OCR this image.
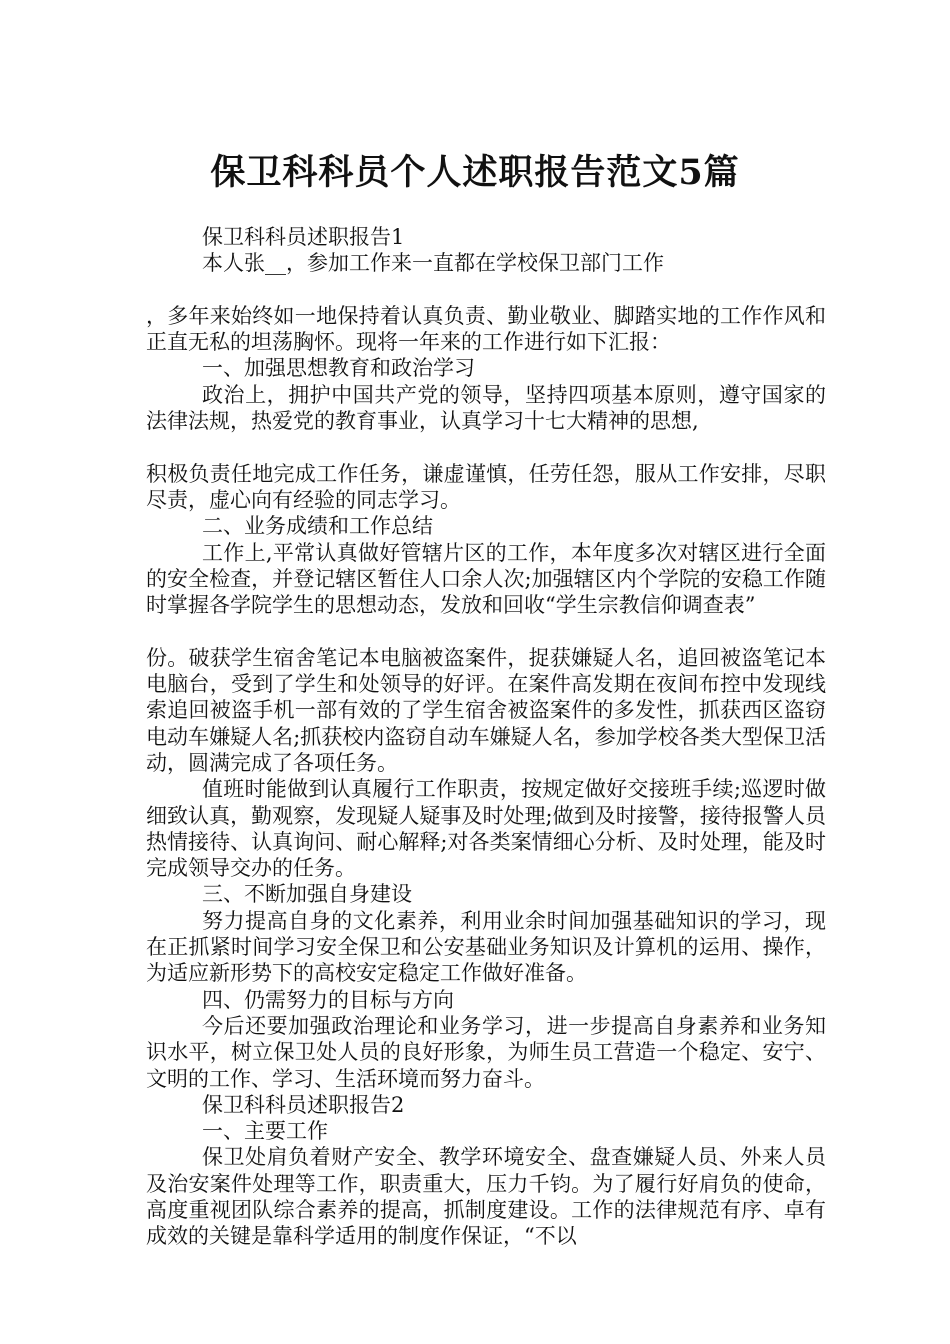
保卫科科员个人述职报告范文5篇

保卫科科员述职报告1

本人张__，参加工作来一直都在学校保卫部门工作

，多年来始终如一地保持着认真负责、勤业敬业、脚踏实地的工作作风和正直无私的坦荡胸怀。现将一年来的工作进行如下汇报：

一、加强思想教育和政治学习

政治上，拥护中国共产党的领导，坚持四项基本原则，遵守国家的法律法规，热爱党的教育事业，认真学习十七大精神的思想,

积极负责任地完成工作任务，谦虚谨慎，任劳任怨，服从工作安排，尽职尽责，虚心向有经验的同志学习。

二、业务成绩和工作总结

工作上,平常认真做好管辖片区的工作，本年度多次对辖区进行全面的安全检查，并登记辖区暂住人口余人次;加强辖区内个学院的安稳工作随时掌握各学院学生的思想动态，发放和回收“学生宗教信仰调查表”

份。破获学生宿舍笔记本电脑被盗案件，捉获嫌疑人名，追回被盗笔记本电脑台，受到了学生和处领导的好评。在案件高发期在夜间布控中发现线索追回被盗手机一部有效的了学生宿舍被盗案件的多发性，抓获西区盗窃电动车嫌疑人名;抓获校内盗窃自动车嫌疑人名，参加学校各类大型保卫活动，圆满完成了各项任务。

值班时能做到认真履行工作职责，按规定做好交接班手续;巡逻时做细致认真，勤观察，发现疑人疑事及时处理;做到及时接警，接待报警人员热情接待、认真询问、耐心解释;对各类案情细心分析、及时处理，能及时完成领导交办的任务。

三、不断加强自身建设

努力提高自身的文化素养，利用业余时间加强基础知识的学习，现在正抓紧时间学习安全保卫和公安基础业务知识及计算机的运用、操作，为适应新形势下的高校安定稳定工作做好准备。

四、仍需努力的目标与方向

今后还要加强政治理论和业务学习，进一步提高自身素养和业务知识水平，树立保卫处人员的良好形象，为师生员工营造一个稳定、安宁、文明的工作、学习、生活环境而努力奋斗。

保卫科科员述职报告2

一、主要工作

保卫处肩负着财产安全、教学环境安全、盘查嫌疑人员、外来人员及治安案件处理等工作，职责重大，压力千钧。为了履行好肩负的使命，高度重视团队综合素养的提高，抓制度建设。工作的法律规范有序、卓有成效的关键是靠科学适用的制度作保证，“不以
